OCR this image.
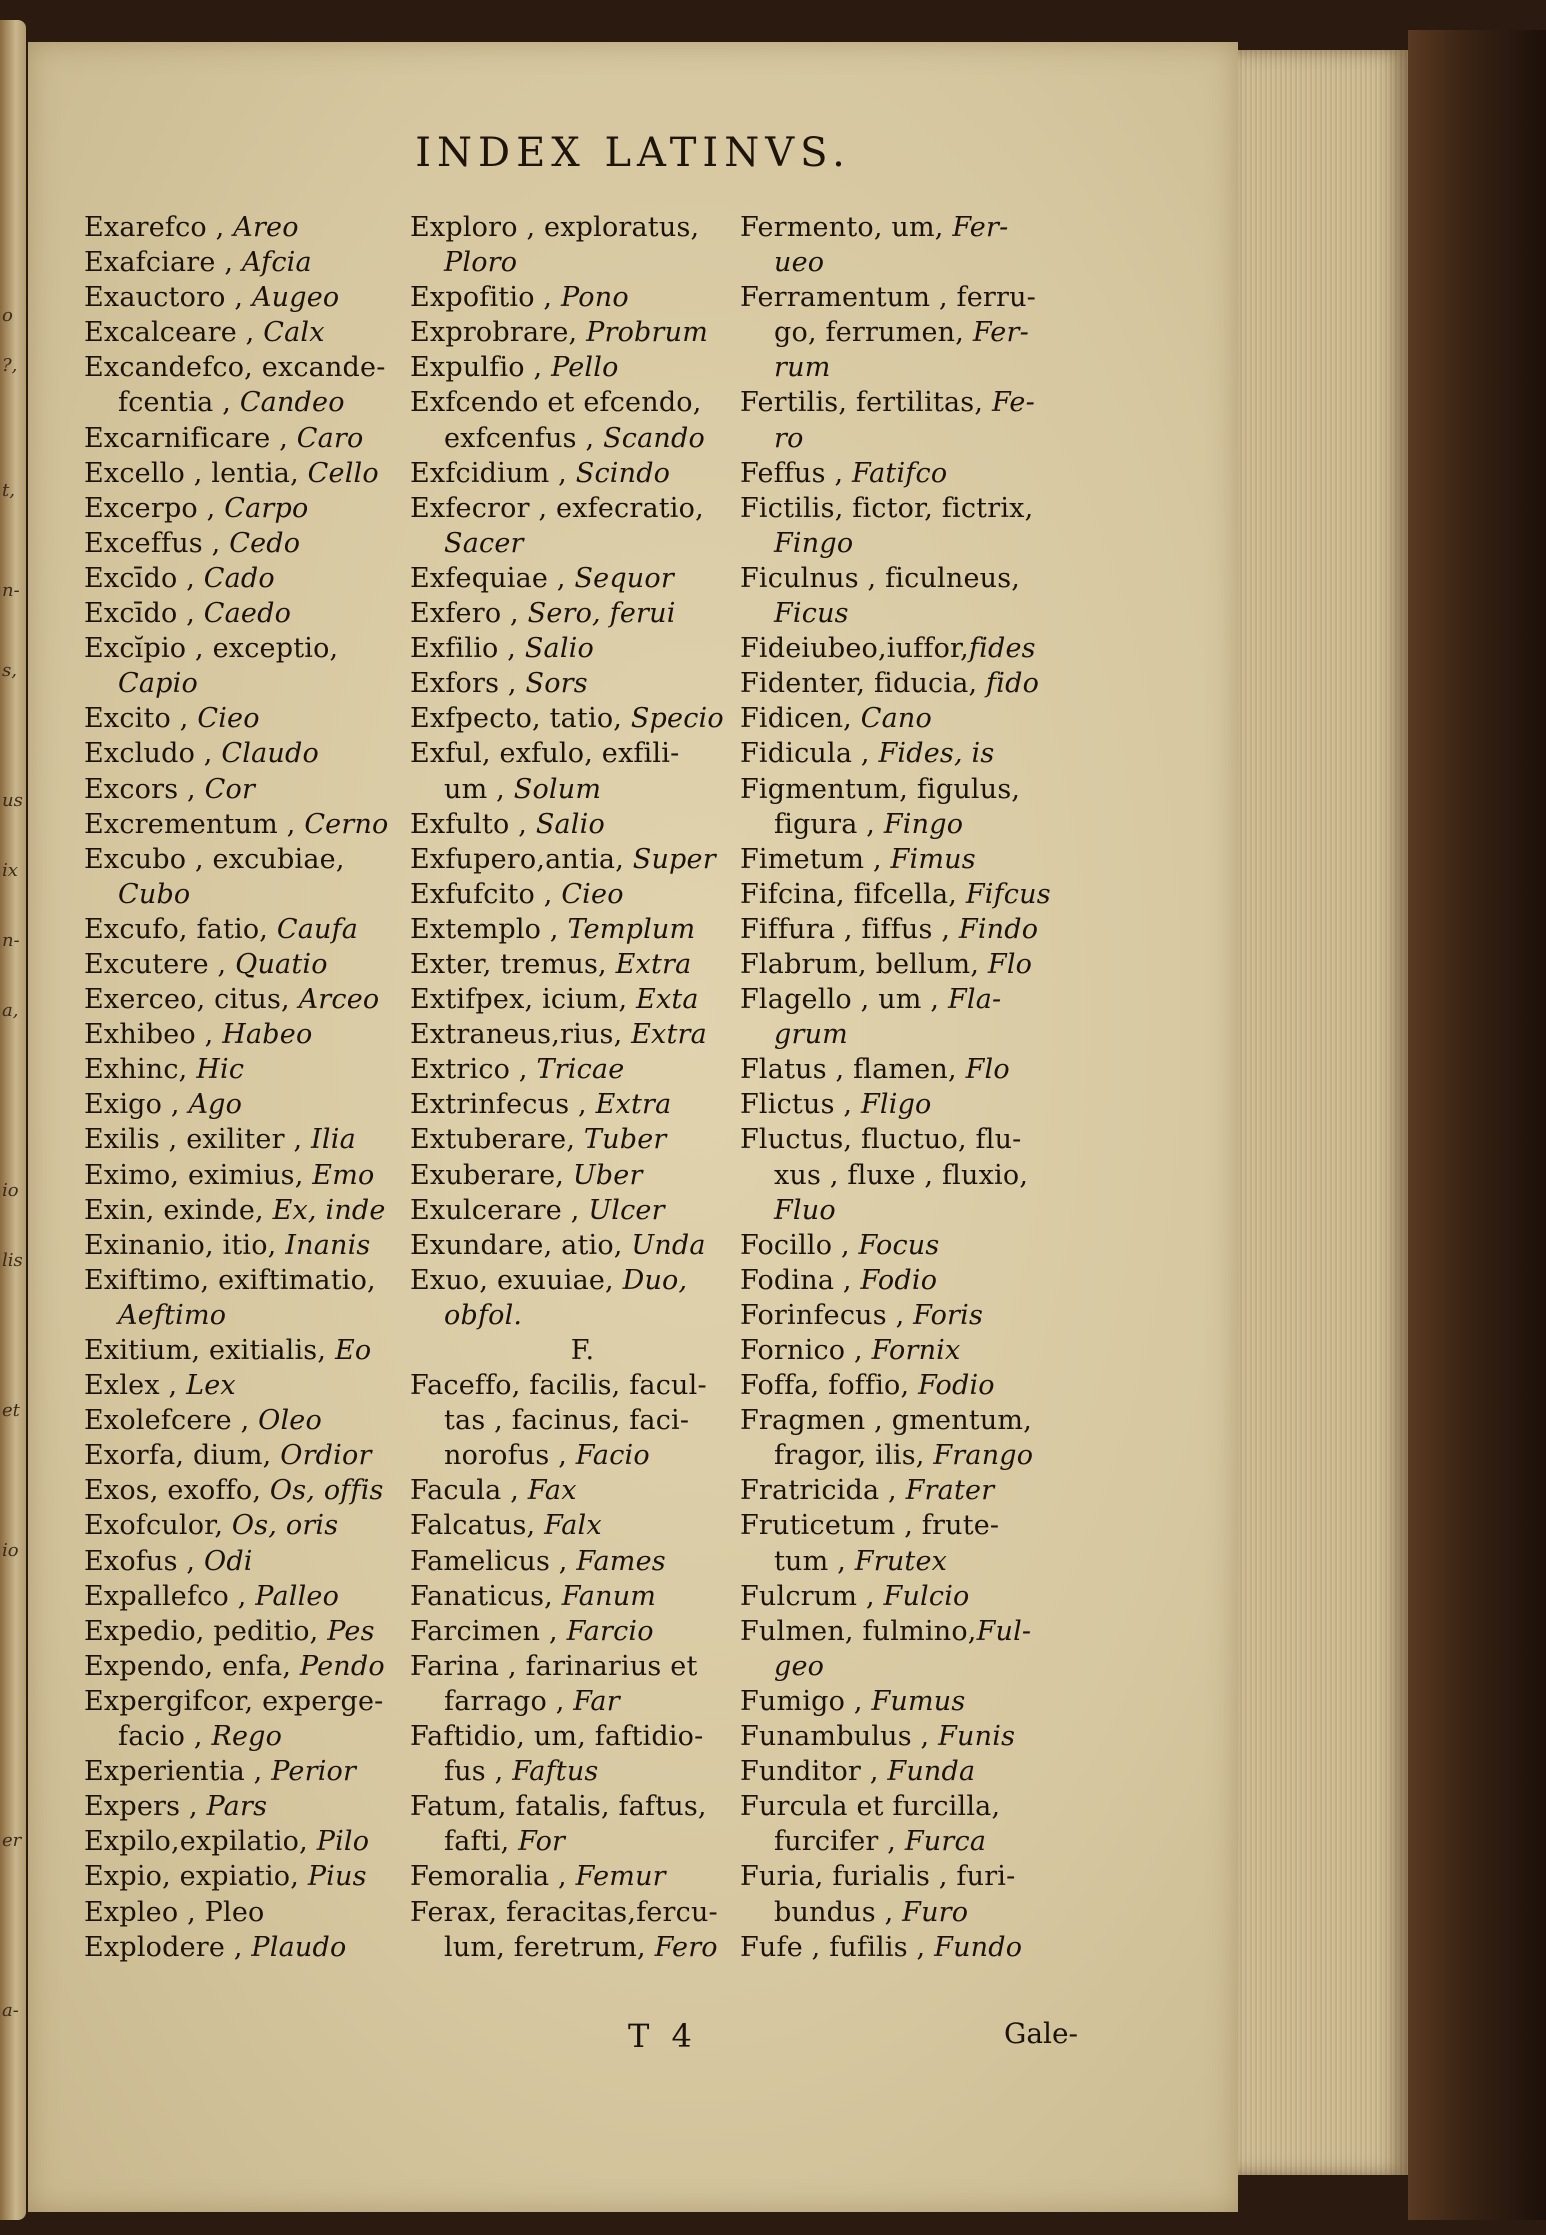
o
?,
t,
n-
s,
us
ix
n-
a,
io
lis
et
io
er
a-
INDEX LATINVS.
Exarefco , Areo
Exafciare , Afcia
Exauctoro , Augeo
Excalceare , Calx
Excandefco, excande-
fcentia , Candeo
Excarnificare , Caro
Excello , lentia, Cello
Excerpo , Carpo
Exceffus , Cedo
Excīdo , Cado
Excīdo , Caedo
Excĭpio , exceptio,
Capio
Excito , Cieo
Excludo , Claudo
Excors , Cor
Excrementum , Cerno
Excubo , excubiae,
Cubo
Excufo, fatio, Caufa
Excutere , Quatio
Exerceo, citus, Arceo
Exhibeo , Habeo
Exhinc, Hic
Exigo , Ago
Exilis , exiliter , Ilia
Eximo, eximius, Emo
Exin, exinde, Ex, inde
Exinanio, itio, Inanis
Exiftimo, exiftimatio,
Aeftimo
Exitium, exitialis, Eo
Exlex , Lex
Exolefcere , Oleo
Exorfa, dium, Ordior
Exos, exoffo, Os, offis
Exofculor, Os, oris
Exofus , Odi
Expallefco , Palleo
Expedio, peditio, Pes
Expendo, enfa, Pendo
Expergifcor, experge-
facio , Rego
Experientia , Perior
Expers , Pars
Expilo,expilatio, Pilo
Expio, expiatio, Pius
Expleo , Pleo
Explodere , Plaudo
Exploro , exploratus,
Ploro
Expofitio , Pono
Exprobrare, Probrum
Expulfio , Pello
Exfcendo et efcendo,
exfcenfus , Scando
Exfcidium , Scindo
Exfecror , exfecratio,
Sacer
Exfequiae , Sequor
Exfero , Sero, ferui
Exfilio , Salio
Exfors , Sors
Exfpecto, tatio, Specio
Exful, exfulo, exfili-
um , Solum
Exfulto , Salio
Exfupero,antia, Super
Exfufcito , Cieo
Extemplo , Templum
Exter, tremus, Extra
Extifpex, icium, Exta
Extraneus,rius, Extra
Extrico , Tricae
Extrinfecus , Extra
Extuberare, Tuber
Exuberare, Uber
Exulcerare , Ulcer
Exundare, atio, Unda
Exuo, exuuiae, Duo,
obfol.
F.
Faceffo, facilis, facul-
tas , facinus, faci-
norofus , Facio
Facula , Fax
Falcatus, Falx
Famelicus , Fames
Fanaticus, Fanum
Farcimen , Farcio
Farina , farinarius et
farrago , Far
Faftidio, um, faftidio-
fus , Faftus
Fatum, fatalis, faftus,
fafti, For
Femoralia , Femur
Ferax, feracitas,fercu-
lum, feretrum, Fero
Fermento, um, Fer-
ueo
Ferramentum , ferru-
go, ferrumen, Fer-
rum
Fertilis, fertilitas, Fe-
ro
Feffus , Fatifco
Fictilis, fictor, fictrix,
Fingo
Ficulnus , ficulneus,
Ficus
Fideiubeo,iuffor,fides
Fidenter, fiducia, fido
Fidicen, Cano
Fidicula , Fides, is
Figmentum, figulus,
figura , Fingo
Fimetum , Fimus
Fifcina, fifcella, Fifcus
Fiffura , fiffus , Findo
Flabrum, bellum, Flo
Flagello , um , Fla-
grum
Flatus , flamen, Flo
Flictus , Fligo
Fluctus, fluctuo, flu-
xus , fluxe , fluxio,
Fluo
Focillo , Focus
Fodina , Fodio
Forinfecus , Foris
Fornico , Fornix
Foffa, foffio, Fodio
Fragmen , gmentum,
fragor, ilis, Frango
Fratricida , Frater
Fruticetum , frute-
tum , Frutex
Fulcrum , Fulcio
Fulmen, fulmino,Ful-
geo
Fumigo , Fumus
Funambulus , Funis
Funditor , Funda
Furcula et furcilla,
furcifer , Furca
Furia, furialis , furi-
bundus , Furo
Fufe , fufilis , Fundo
T 4	Gale-
